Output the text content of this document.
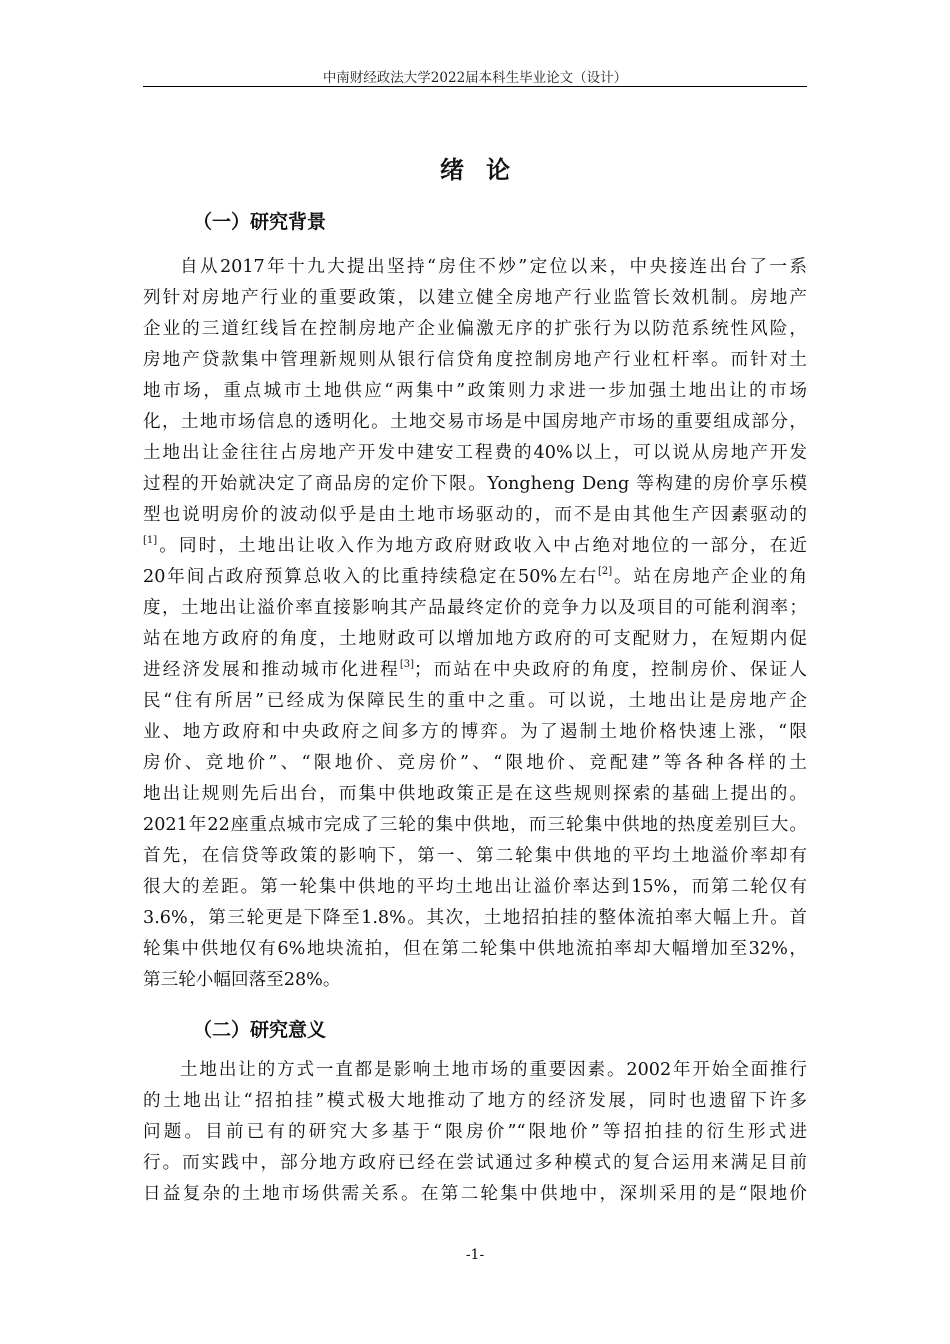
中南财经政法大学2022届本科生毕业论文（设计）
绪论
（一）研究背景
自从2017年十九大提出坚持“房住不炒”定位以来，中央接连出台了一系
列针对房地产行业的重要政策，以建立健全房地产行业监管长效机制。房地产
企业的三道红线旨在控制房地产企业偏激无序的扩张行为以防范系统性风险，
房地产贷款集中管理新规则从银行信贷角度控制房地产行业杠杆率。而针对土
地市场，重点城市土地供应“两集中”政策则力求进一步加强土地出让的市场
化，土地市场信息的透明化。土地交易市场是中国房地产市场的重要组成部分，
土地出让金往往占房地产开发中建安工程费的40%以上，可以说从房地产开发
过程的开始就决定了商品房的定价下限。Yongheng Deng 等构建的房价享乐模
型也说明房价的波动似乎是由土地市场驱动的，而不是由其他生产因素驱动的
[1]。同时，土地出让收入作为地方政府财政收入中占绝对地位的一部分，在近
20年间占政府预算总收入的比重持续稳定在50%左右[2]。站在房地产企业的角
度，土地出让溢价率直接影响其产品最终定价的竞争力以及项目的可能利润率；
站在地方政府的角度，土地财政可以增加地方政府的可支配财力，在短期内促
进经济发展和推动城市化进程[3]；而站在中央政府的角度，控制房价、保证人
民“住有所居”已经成为保障民生的重中之重。可以说，土地出让是房地产企
业、地方政府和中央政府之间多方的博弈。为了遏制土地价格快速上涨，“限
房价、竞地价”、“限地价、竞房价”、“限地价、竞配建”等各种各样的土
地出让规则先后出台，而集中供地政策正是在这些规则探索的基础上提出的。
2021年22座重点城市完成了三轮的集中供地，而三轮集中供地的热度差别巨大。
首先，在信贷等政策的影响下，第一、第二轮集中供地的平均土地溢价率却有
很大的差距。第一轮集中供地的平均土地出让溢价率达到15%，而第二轮仅有
3.6%，第三轮更是下降至1.8%。其次，土地招拍挂的整体流拍率大幅上升。首
轮集中供地仅有6%地块流拍，但在第二轮集中供地流拍率却大幅增加至32%，
第三轮小幅回落至28%。
（二）研究意义
土地出让的方式一直都是影响土地市场的重要因素。2002年开始全面推行
的土地出让“招拍挂”模式极大地推动了地方的经济发展，同时也遗留下许多
问题。目前已有的研究大多基于“限房价”“限地价”等招拍挂的衍生形式进
行。而实践中，部分地方政府已经在尝试通过多种模式的复合运用来满足目前
日益复杂的土地市场供需关系。在第二轮集中供地中，深圳采用的是“限地价
-1-
